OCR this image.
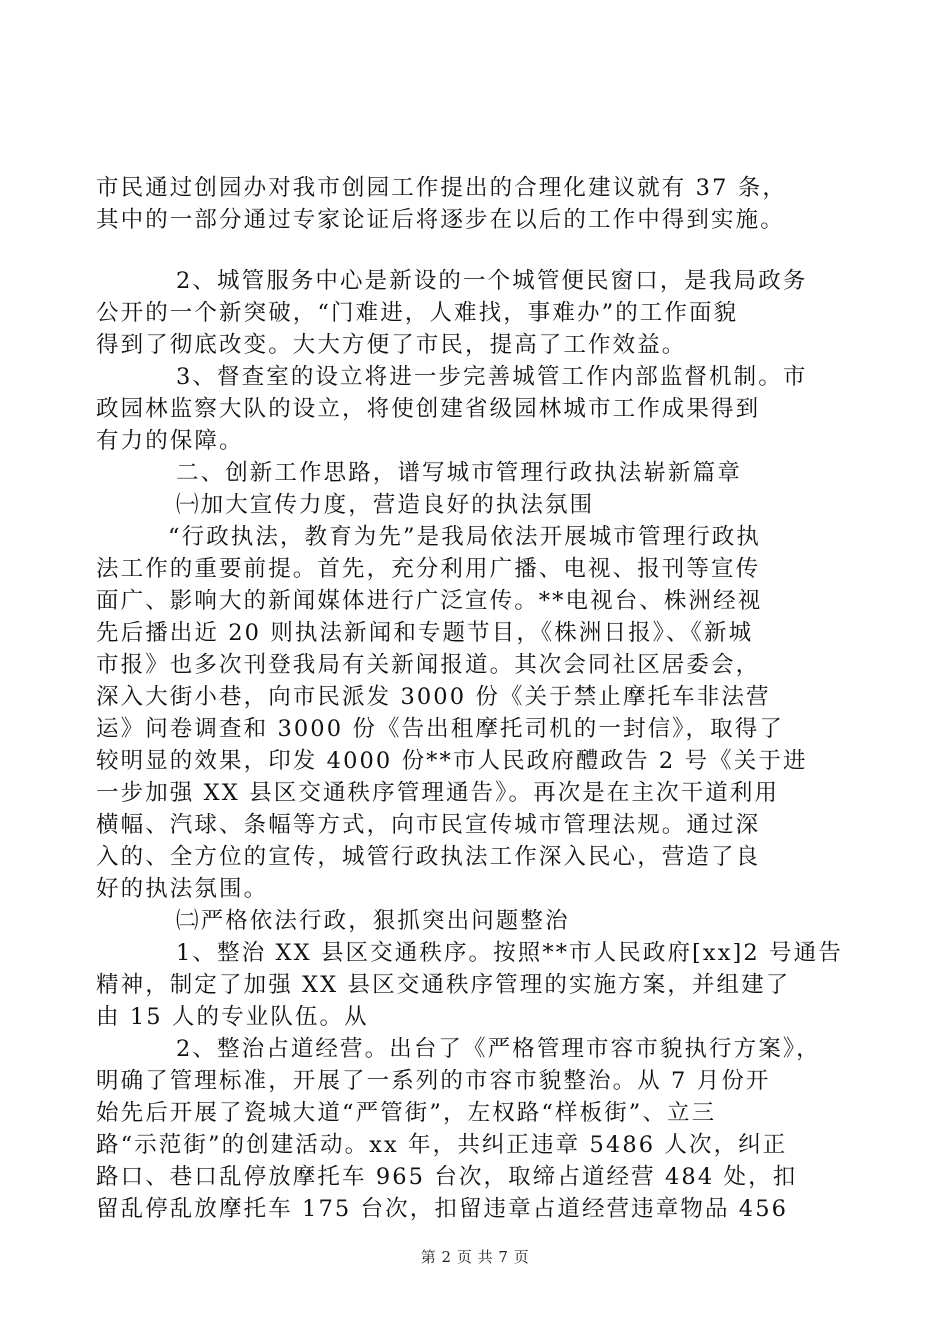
市民通过创园办对我市创园工作提出的合理化建议就有 37 条，
其中的一部分通过专家论证后将逐步在以后的工作中得到实施。
2、城管服务中心是新设的一个城管便民窗口，是我局政务
公开的一个新突破，“门难进，人难找，事难办”的工作面貌
得到了彻底改变。大大方便了市民，提高了工作效益。
3、督查室的设立将进一步完善城管工作内部监督机制。市
政园林监察大队的设立，将使创建省级园林城市工作成果得到
有力的保障。
二、创新工作思路，谱写城市管理行政执法崭新篇章
㈠加大宣传力度，营造良好的执法氛围
“行政执法，教育为先”是我局依法开展城市管理行政执
法工作的重要前提。首先，充分利用广播、电视、报刊等宣传
面广、影响大的新闻媒体进行广泛宣传。**电视台、株洲经视
先后播出近 20 则执法新闻和专题节目，《株洲日报》、《新城
市报》也多次刊登我局有关新闻报道。其次会同社区居委会，
深入大街小巷，向市民派发 3000 份《关于禁止摩托车非法营
运》问卷调查和 3000 份《告出租摩托司机的一封信》，取得了
较明显的效果，印发 4000 份**市人民政府醴政告 2 号《关于进
一步加强 XX 县区交通秩序管理通告》。再次是在主次干道利用
横幅、汽球、条幅等方式，向市民宣传城市管理法规。通过深
入的、全方位的宣传，城管行政执法工作深入民心，营造了良
好的执法氛围。
㈡严格依法行政，狠抓突出问题整治
1、整治 XX 县区交通秩序。按照**市人民政府[xx]2 号通告
精神，制定了加强 XX 县区交通秩序管理的实施方案，并组建了
由 15 人的专业队伍。从
2、整治占道经营。出台了《严格管理市容市貌执行方案》，
明确了管理标准，开展了一系列的市容市貌整治。从 7 月份开
始先后开展了瓷城大道“严管街”，左权路“样板街”、立三
路“示范街”的创建活动。xx 年，共纠正违章 5486 人次，纠正
路口、巷口乱停放摩托车 965 台次，取缔占道经营 484 处，扣
留乱停乱放摩托车 175 台次，扣留违章占道经营违章物品 456
第 2 页 共 7 页
